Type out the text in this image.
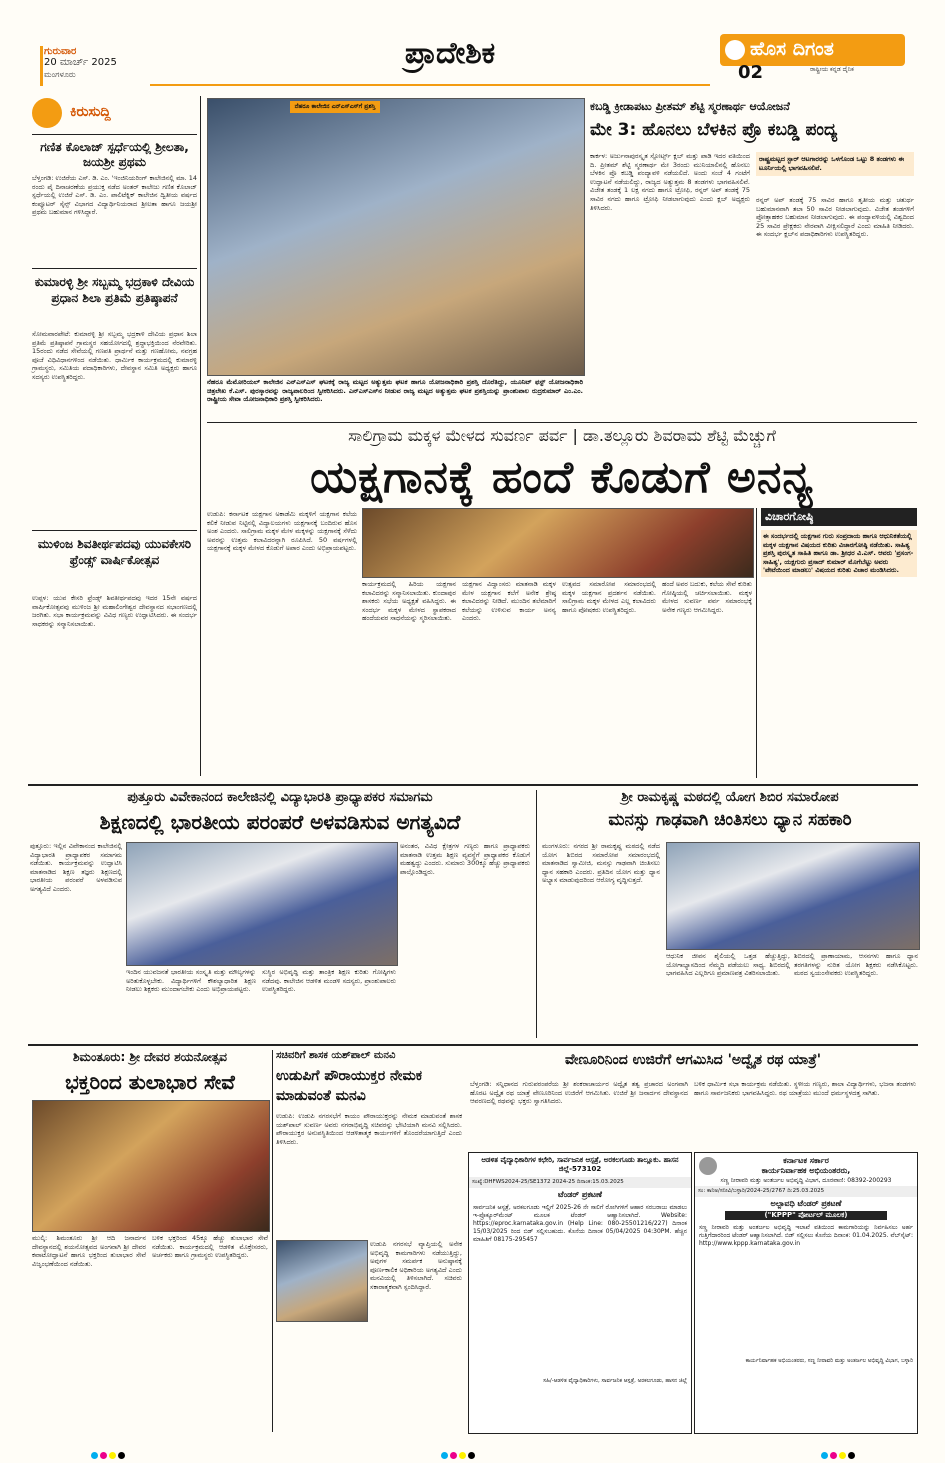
ಗುರುವಾರ
20 ಮಾರ್ಚ್ 2025
ಮಂಗಳೂರು
ಪ್ರಾದೇಶಿಕ	ಹೊಸ ದಿಗಂತ
ರಾಷ್ಟ್ರೀಯ ಕನ್ನಡ ದೈನಿಕ
02
ಕಿರುಸುದ್ದಿ
ಗಣಿತ ಕೊಲಾಜ್ ಸ್ಪರ್ಧೆಯಲ್ಲಿ ಶ್ರೀಲತಾ, ಜಯಶ್ರೀ ಪ್ರಥಮ
ಬೆಳ್ತಂಗಡಿ: ಉಜಿರೆಯ ಎಸ್. ಡಿ. ಎಂ. 'ಇಂಜಿನಿಯರಿಂಗ್ ಕಾಲೇಜಿನಲ್ಲಿ ಮಾ. 14 ರಂದು ಪೈ ದಿನಾಚರಣೆಯ ಪ್ರಯುಕ್ತ ನಡೆದ ಅಂತರ್ ಕಾಲೇಜು ಗಣಿತ ಕೊಲಾಜ್ ಸ್ಪರ್ಧೆಯಲ್ಲಿ ಉಜಿರೆ ಎಸ್. ಡಿ. ಎಂ. ಪಾಲಿಟೆಕ್ನಿಕ್ ಕಾಲೇಜಿನ ದ್ವಿತೀಯ ವರ್ಷದ ಕಂಪ್ಯೂಟರ್ ಸೈನ್ಸ್ ವಿಭಾಗದ ವಿದ್ಯಾರ್ಥಿನಿಯರಾದ ಶ್ರೀಲತಾ ಹಾಗೂ ಜಯಶ್ರೀ ಪ್ರಥಮ ಬಹುಮಾನ ಗಳಿಸಿದ್ದಾರೆ.
ಕುಮಾರಳ್ಳಿ ಶ್ರೀ ಸಬ್ಬಮ್ಮ ಭದ್ರಕಾಳಿ ದೇವಿಯ ಪ್ರಧಾನ ಶಿಲಾ ಪ್ರತಿಮೆ ಪ್ರತಿಷ್ಠಾಪನೆ
ಸೋಮವಾರಪೇಟೆ: ಕುಮಾರಳ್ಳಿ ಶ್ರೀ ಸಬ್ಬಮ್ಮ ಭದ್ರಕಾಳಿ ದೇವಿಯ ಪ್ರಧಾನ ಶಿಲಾ ಪ್ರತಿಮೆ ಪ್ರತಿಷ್ಠಾಪನೆ ಗ್ರಾಮಸ್ಥರ ಸಹಯೋಗದಲ್ಲಿ ಶ್ರದ್ಧಾಭಕ್ತಿಯಿಂದ ನೆರವೇರಿತು. 15ರಂದು ನಡೆದ ಸೇವೆಯಲ್ಲಿ ಗಣಪತಿ ಪ್ರಾರ್ಥನೆ ಮತ್ತು ಗಣಹೋಮ, ನವಗ್ರಹ ಪೂಜೆ ವಿಧಿವಿಧಾನಗಳಿಂದ ನಡೆಯಿತು. ಧಾರ್ಮಿಕ ಕಾರ್ಯಕ್ರಮದಲ್ಲಿ ಕುಮಾರಳ್ಳಿ ಗ್ರಾಮಸ್ಥರು, ಸಮಿತಿಯ ಪದಾಧಿಕಾರಿಗಳು, ದೇವಸ್ಥಾನ ಸಮಿತಿ ಅಧ್ಯಕ್ಷರು ಹಾಗೂ ಸದಸ್ಯರು ಉಪಸ್ಥಿತರಿದ್ದರು.
ಮುಳಿಂಜ ಶಿವತೀರ್ಥಪದವು ಯುವಕೇಸರಿ ಫ್ರೆಂಡ್ಸ್ ವಾರ್ಷಿಕೋತ್ಸವ
ಉಪ್ಪಳ: ಯುವ ಕೇಸರಿ ಫ್ರೆಂಡ್ಸ್ ಶಿವತೀರ್ಥಪದವು ಇದರ 15ನೇ ವರ್ಷದ ವಾರ್ಷಿಕೋತ್ಸವವು ಮುಳಿಂಜ ಶ್ರೀ ಮಹಾಲಿಂಗೇಶ್ವರ ದೇವಸ್ಥಾನದ ಸಭಾಂಗಣದಲ್ಲಿ ಜರಗಿತು. ಸಭಾ ಕಾರ್ಯಕ್ರಮವನ್ನು ವಿವಿಧ ಗಣ್ಯರು ಉದ್ಘಾಟಿಸಿದರು. ಈ ಸಂದರ್ಭ ಸಾಧಕರನ್ನು ಸನ್ಮಾನಿಸಲಾಯಿತು.
ನೆಹರೂ ಕಾಲೇಜಿನ ಎನ್‌ಎಸ್‌ಎಸ್‌ಗೆ ಪ್ರಶಸ್ತಿ
ನೆಹರೂ ಮೆಮೋರಿಯಲ್ ಕಾಲೇಜಿನ ಎನ್‌ಎಸ್‌ಎಸ್ ಘಟಕಕ್ಕೆ ರಾಜ್ಯ ಮಟ್ಟದ ಅತ್ಯುತ್ತಮ ಘಟಕ ಹಾಗೂ ಯೋಜನಾಧಿಕಾರಿ ಪ್ರಶಸ್ತಿ ದೊರೆತಿದ್ದು, ಯೂನಿಟ್ ಫಸ್ಟ್ ಯೋಜನಾಧಿಕಾರಿ ಚಿತ್ರಲೇಖ ಕೆ.ಎಸ್. ಪುರಸ್ಕಾರವನ್ನು ರಾಜ್ಯಪಾಲರಿಂದ ಸ್ವೀಕರಿಸಿದರು. ಎನ್‌ಎಸ್‌ಎಸ್‌ನ ನೀಡುವ ರಾಜ್ಯ ಮಟ್ಟದ ಅತ್ಯುತ್ತಮ ಘಟಕ ಪ್ರಶಸ್ತಿಯನ್ನು ಪ್ರಾಂಶುಪಾಲ ರುದ್ರಕುಮಾರ್ ಎಂ.ಎಂ. ರಾಷ್ಟ್ರೀಯ ಸೇವಾ ಯೋಜನಾಧಿಕಾರಿ ಪ್ರಶಸ್ತಿ ಸ್ವೀಕರಿಸಿದರು.
ಕಬಡ್ಡಿ ಕ್ರೀಡಾಪಟು ಪ್ರೀತಮ್ ಶೆಟ್ಟಿ ಸ್ಮರಣಾರ್ಥ ಆಯೋಜನೆ
ಮೇ 3: ಹೊನಲು ಬೆಳಕಿನ ಪ್ರೊ ಕಬಡ್ಡಿ ಪಂದ್ಯ
ಕಾರ್ಕಳ: ಅರ್ಜುನಾಪುರಸ್ಕೃತ ಸ್ಪೋರ್ಟ್ಸ್ ಕ್ಲಬ್ ಮತ್ತು ಪಾಡಿ ಇದರ ವತಿಯಿಂದ ದಿ. ಪ್ರೀತಮ್ ಶೆಟ್ಟಿ ಸ್ಮರಣಾರ್ಥ ಮೇ 3ರಂದು ಮುನಿಯಾಲಿನಲ್ಲಿ ಹೊನಲು ಬೆಳಕಿನ ಪ್ರೊ ಕಬಡ್ಡಿ ಪಂದ್ಯಾವಳಿ ನಡೆಯಲಿದೆ. ಅಂದು ಸಂಜೆ 4 ಗಂಟೆಗೆ ಉದ್ಘಾಟನೆ ನಡೆಯಲಿದ್ದು, ರಾಜ್ಯದ ಅತ್ಯುತ್ತಮ 8 ತಂಡಗಳು ಭಾಗವಹಿಸಲಿವೆ. ವಿಜೇತ ತಂಡಕ್ಕೆ 1 ಲಕ್ಷ ನಗದು ಹಾಗೂ ಟ್ರೋಫಿ, ರನ್ನರ್ ಅಪ್ ತಂಡಕ್ಕೆ 75 ಸಾವಿರ ನಗದು ಹಾಗೂ ಟ್ರೋಫಿ ನೀಡಲಾಗುವುದು ಎಂದು ಕ್ಲಬ್ ಅಧ್ಯಕ್ಷರು ತಿಳಿಸಿದರು.
ರಾಷ್ಟ್ರಮಟ್ಟದ ಸ್ಟಾರ್ ಆಟಗಾರರನ್ನು ಒಳಗೊಂಡ ಒಟ್ಟು 8 ತಂಡಗಳು ಈ ಟೂರ್ನಿಯಲ್ಲಿ ಭಾಗವಹಿಸಲಿವೆ.
ರನ್ನರ್ ಅಪ್ ತಂಡಕ್ಕೆ 75 ಸಾವಿರ ಹಾಗೂ ತೃತೀಯ ಮತ್ತು ಚತುರ್ಥ ಬಹುಮಾನವಾಗಿ ತಲಾ 50 ಸಾವಿರ ನೀಡಲಾಗುವುದು. ವಿಜೇತ ತಂಡಗಳಿಗೆ ಪ್ರೋತ್ಸಾಹಕರ ಬಹುಮಾನ ನೀಡಲಾಗುವುದು. ಈ ಪಂದ್ಯಾವಳಿಯಲ್ಲಿ ವಿಶ್ವದಿಂದ 25 ಸಾವಿರ ಪ್ರೇಕ್ಷಕರು ನೇರವಾಗಿ ವೀಕ್ಷಿಸಲಿದ್ದಾರೆ ಎಂದು ಮಾಹಿತಿ ನೀಡಿದರು. ಈ ಸಂದರ್ಭ ಕ್ಲಬ್‌ನ ಪದಾಧಿಕಾರಿಗಳು ಉಪಸ್ಥಿತರಿದ್ದರು.
ಸಾಲಿಗ್ರಾಮ ಮಕ್ಕಳ ಮೇಳದ ಸುವರ್ಣ ಪರ್ವ | ಡಾ.ತಲ್ಲೂರು ಶಿವರಾಮ ಶೆಟ್ಟಿ ಮೆಚ್ಚುಗೆ
ಯಕ್ಷಗಾನಕ್ಕೆ ಹಂದೆ ಕೊಡುಗೆ ಅನನ್ಯ
ಉಡುಪಿ: ಕರ್ನಾಟಕ ಯಕ್ಷಗಾನ ಅಕಾಡೆಮಿ ಮಕ್ಕಳಿಗೆ ಯಕ್ಷಗಾನ ಕಲೆಯ ಕಲಿಕೆ ನೀಡುವ ನಿಟ್ಟಿನಲ್ಲಿ ವಿದ್ಯಾಲಯಗಳು ಯಕ್ಷಗಾನಕ್ಕೆ ಬಂದಿರುವ ಹೊಸ ಅಂಶ ಎಂದರು. ಸಾಲಿಗ್ರಾಮ ಮಕ್ಕಳ ಮೇಳ ಮಕ್ಕಳನ್ನು ಯಕ್ಷಗಾನಕ್ಕೆ ಸೆಳೆದು ಅವರನ್ನು ಉತ್ತಮ ಕಲಾವಿದರನ್ನಾಗಿ ರೂಪಿಸಿದೆ. 50 ವರ್ಷಗಳಲ್ಲಿ ಯಕ್ಷಗಾನಕ್ಕೆ ಮಕ್ಕಳ ಮೇಳದ ಕೊಡುಗೆ ಅಪಾರ ಎಂದು ಅಭಿಪ್ರಾಯಪಟ್ಟರು.
ಕಾರ್ಯಕ್ರಮದಲ್ಲಿ ಹಿರಿಯ ಯಕ್ಷಗಾನ ಕಲಾವಿದರನ್ನು ಸನ್ಮಾನಿಸಲಾಯಿತು. ಕುಂದಾಪುರ ಶಾಸಕರು ಸಭೆಯ ಅಧ್ಯಕ್ಷತೆ ವಹಿಸಿದ್ದರು. ಈ ಸಂದರ್ಭ ಮಕ್ಕಳ ಮೇಳದ ಸ್ಥಾಪಕರಾದ ಹಂದೆಯವರ ಸಾಧನೆಯನ್ನು ಸ್ಮರಿಸಲಾಯಿತು.
ಯಕ್ಷಗಾನ ವಿದ್ವಾಂಸರು ಮಾತನಾಡಿ ಮಕ್ಕಳ ಮೇಳ ಯಕ್ಷಗಾನ ಕಲೆಗೆ ಅನೇಕ ಶ್ರೇಷ್ಠ ಕಲಾವಿದರನ್ನು ನೀಡಿದೆ. ಮುಂದಿನ ತಲೆಮಾರಿಗೆ ಕಲೆಯನ್ನು ಉಳಿಸುವ ಕಾರ್ಯ ಅನನ್ಯ ಎಂದರು.
ಉತ್ಸವದ ಸಮಾರೋಪ ಸಮಾರಂಭದಲ್ಲಿ ಮಕ್ಕಳ ಯಕ್ಷಗಾನ ಪ್ರದರ್ಶನ ನಡೆಯಿತು. ಸಾಲಿಗ್ರಾಮ ಮಕ್ಕಳ ಮೇಳದ ಎಲ್ಲ ಕಲಾವಿದರು ಹಾಗೂ ಪೋಷಕರು ಉಪಸ್ಥಿತರಿದ್ದರು.
ಹಂದೆ ಅವರ ಬದುಕು, ಕಲೆಯ ಸೇವೆ ಕುರಿತು ಗೋಷ್ಠಿಯಲ್ಲಿ ಚರ್ಚಿಸಲಾಯಿತು. ಮಕ್ಕಳ ಮೇಳದ ಸುವರ್ಣ ಪರ್ವ ಸಮಾರಂಭಕ್ಕೆ ಅನೇಕ ಗಣ್ಯರು ಆಗಮಿಸಿದ್ದರು.
ವಿಚಾರಗೋಷ್ಠಿ
ಈ ಸಂದರ್ಭದಲ್ಲಿ ಯಕ್ಷಗಾನ ಗುರು ಸಂಪ್ರದಾಯ ಹಾಗೂ ಆಧುನಿಕತೆಯಲ್ಲಿ ಮಕ್ಕಳ ಯಕ್ಷಗಾನ ವಿಷಯದ ಕುರಿತು ವಿಚಾರಗೋಷ್ಠಿ ನಡೆಯಿತು. ಸಾಹಿತ್ಯ ಪ್ರಶಸ್ತಿ ಪುರಸ್ಕೃತ ಸಾಹಿತಿ ಹಾಗೂ ಡಾ. ಶ್ರೀಧರ ವಿ.ಎಸ್. ಆವರು 'ಪ್ರಸಂಗ-ಸಾಹಿತ್ಯ', ಯಕ್ಷಗುರು ಪ್ರಸಾದ್ ಕುಮಾರ್ ಮೊಗೆಬೆಟ್ಟು ಅವರು 'ಪೇಟೆಯಿಂದ ಮಾಡಲು' ವಿಷಯದ ಕುರಿತು ವಿಚಾರ ಮಂಡಿಸಿದರು.
ಪುತ್ತೂರು ವಿವೇಕಾನಂದ ಕಾಲೇಜಿನಲ್ಲಿ ವಿದ್ಯಾಭಾರತಿ ಪ್ರಾಧ್ಯಾಪಕರ ಸಮಾಗಮ
ಶಿಕ್ಷಣದಲ್ಲಿ ಭಾರತೀಯ ಪರಂಪರೆ ಅಳವಡಿಸುವ ಅಗತ್ಯವಿದೆ
ಪುತ್ತೂರು: ಇಲ್ಲಿನ ವಿವೇಕಾನಂದ ಕಾಲೇಜಿನಲ್ಲಿ ವಿದ್ಯಾಭಾರತಿ ಪ್ರಾಧ್ಯಾಪಕರ ಸಮಾಗಮ ನಡೆಯಿತು. ಕಾರ್ಯಕ್ರಮವನ್ನು ಉದ್ಘಾಟಿಸಿ ಮಾತನಾಡಿದ ಶಿಕ್ಷಣ ತಜ್ಞರು ಶಿಕ್ಷಣದಲ್ಲಿ ಭಾರತೀಯ ಪರಂಪರೆ ಅಳವಡಿಸುವ ಅಗತ್ಯವಿದೆ ಎಂದರು.
ಅನಂತರ, ವಿವಿಧ ಕ್ಷೇತ್ರಗಳ ಗಣ್ಯರು ಹಾಗೂ ಪ್ರಾಧ್ಯಾಪಕರು ಮಾತನಾಡಿ ಉತ್ತಮ ಶಿಕ್ಷಣ ವ್ಯವಸ್ಥೆಗೆ ಪ್ರಾಧ್ಯಾಪಕರ ಕೊಡುಗೆ ಮಹತ್ವದ್ದು ಎಂದರು. ಸುಮಾರು 300ಕ್ಕೂ ಹೆಚ್ಚು ಪ್ರಾಧ್ಯಾಪಕರು ಪಾಲ್ಗೊಂಡಿದ್ದರು.
ಇಂದಿನ ಯುವಜನತೆ ಭಾರತೀಯ ಸಂಸ್ಕೃತಿ ಮತ್ತು ಮೌಲ್ಯಗಳನ್ನು ಅರಿತುಕೊಳ್ಳಬೇಕು. ವಿದ್ಯಾರ್ಥಿಗಳಿಗೆ ಕೌಶಲ್ಯಾಧಾರಿತ ಶಿಕ್ಷಣ ನೀಡಲು ಶಿಕ್ಷಕರು ಮುಂದಾಗಬೇಕು ಎಂದು ಅಭಿಪ್ರಾಯಪಟ್ಟರು.
ಸುಸ್ಥಿರ ಅಭಿವೃದ್ಧಿ ಮತ್ತು ತಾಂತ್ರಿಕ ಶಿಕ್ಷಣ ಕುರಿತು ಗೋಷ್ಠಿಗಳು ನಡೆದವು. ಕಾಲೇಜಿನ ಆಡಳಿತ ಮಂಡಳಿ ಸದಸ್ಯರು, ಪ್ರಾಂಶುಪಾಲರು ಉಪಸ್ಥಿತರಿದ್ದರು.
ಶ್ರೀ ರಾಮಕೃಷ್ಣ ಮಠದಲ್ಲಿ ಯೋಗ ಶಿಬಿರ ಸಮಾರೋಪ
ಮನಸ್ಸು ಗಾಢವಾಗಿ ಚಿಂತಿಸಲು ಧ್ಯಾನ ಸಹಕಾರಿ
ಮಂಗಳೂರು: ನಗರದ ಶ್ರೀ ರಾಮಕೃಷ್ಣ ಮಠದಲ್ಲಿ ನಡೆದ ಯೋಗ ಶಿಬಿರದ ಸಮಾರೋಪ ಸಮಾರಂಭದಲ್ಲಿ ಮಾತನಾಡಿದ ಸ್ವಾಮೀಜಿ, ಮನಸ್ಸು ಗಾಢವಾಗಿ ಚಿಂತಿಸಲು ಧ್ಯಾನ ಸಹಕಾರಿ ಎಂದರು. ಪ್ರತಿದಿನ ಯೋಗ ಮತ್ತು ಧ್ಯಾನ ಅಭ್ಯಾಸ ಮಾಡುವುದರಿಂದ ಆರೋಗ್ಯ ವೃದ್ಧಿಸುತ್ತದೆ.
ಆಧುನಿಕ ಜೀವನ ಶೈಲಿಯಲ್ಲಿ ಒತ್ತಡ ಹೆಚ್ಚುತ್ತಿದ್ದು, ಯೋಗಾಭ್ಯಾಸದಿಂದ ನೆಮ್ಮದಿ ಪಡೆಯಲು ಸಾಧ್ಯ. ಶಿಬಿರದಲ್ಲಿ ಭಾಗವಹಿಸಿದ ಎಲ್ಲರಿಗೂ ಪ್ರಮಾಣಪತ್ರ ವಿತರಿಸಲಾಯಿತು.
ಶಿಬಿರದಲ್ಲಿ ಪ್ರಾಣಾಯಾಮ, ಆಸನಗಳು ಹಾಗೂ ಧ್ಯಾನ ತರಗತಿಗಳನ್ನು ನುರಿತ ಯೋಗ ಶಿಕ್ಷಕರು ನಡೆಸಿಕೊಟ್ಟರು. ಮಠದ ಸ್ವಯಂಸೇವಕರು ಉಪಸ್ಥಿತರಿದ್ದರು.
ಶಿಮಂತೂರು: ಶ್ರೀ ದೇವರ ಶಯನೋತ್ಸವ
ಭಕ್ತರಿಂದ ತುಲಾಭಾರ ಸೇವೆ
ಮುಲ್ಕಿ: ಶಿಮಂತೂರು ಶ್ರೀ ಆದಿ ಜನಾರ್ದನ ದೇವಸ್ಥಾನದಲ್ಲಿ ಶಯನೋತ್ಸವದ ಅಂಗವಾಗಿ ಶ್ರೀ ದೇವರ ಕವಾಟೋದ್ಘಾಟನೆ ಹಾಗೂ ಭಕ್ತರಿಂದ ತುಲಾಭಾರ ಸೇವೆ ವಿಜೃಂಭಣೆಯಿಂದ ನಡೆಯಿತು.
ಬಳಿಕ ಭಕ್ತರಿಂದ 45ಕ್ಕೂ ಹೆಚ್ಚು ತುಲಾಭಾರ ಸೇವೆ ನಡೆಯಿತು. ಕಾರ್ಯಕ್ರಮದಲ್ಲಿ ಆಡಳಿತ ಮೊಕ್ತೇಸರರು, ಅರ್ಚಕರು ಹಾಗೂ ಗ್ರಾಮಸ್ಥರು ಉಪಸ್ಥಿತರಿದ್ದರು.
ಸಚಿವರಿಗೆ ಶಾಸಕ ಯಶ್‌ಪಾಲ್ ಮನವಿ
ಉಡುಪಿಗೆ ಪೌರಾಯುಕ್ತರ ನೇಮಕ ಮಾಡುವಂತೆ ಮನವಿ
ಉಡುಪಿ: ಉಡುಪಿ ನಗರಸಭೆಗೆ ಕಾಯಂ ಪೌರಾಯುಕ್ತರನ್ನು ನೇಮಕ ಮಾಡುವಂತೆ ಶಾಸಕ ಯಶ್‌ಪಾಲ್ ಸುವರ್ಣ ಅವರು ನಗರಾಭಿವೃದ್ಧಿ ಸಚಿವರನ್ನು ಭೇಟಿಯಾಗಿ ಮನವಿ ಸಲ್ಲಿಸಿದರು. ಪೌರಾಯುಕ್ತರ ಅನುಪಸ್ಥಿತಿಯಿಂದ ಆಡಳಿತಾತ್ಮಕ ಕಾರ್ಯಗಳಿಗೆ ತೊಂದರೆಯಾಗುತ್ತಿದೆ ಎಂದು ತಿಳಿಸಿದರು.
ಉಡುಪಿ ನಗರಸಭೆ ವ್ಯಾಪ್ತಿಯಲ್ಲಿ ಅನೇಕ ಅಭಿವೃದ್ಧಿ ಕಾಮಗಾರಿಗಳು ನಡೆಯುತ್ತಿದ್ದು, ಅವುಗಳ ಸಮರ್ಪಕ ಅನುಷ್ಠಾನಕ್ಕೆ ಪೂರ್ಣಕಾಲಿಕ ಅಧಿಕಾರಿಯ ಅಗತ್ಯವಿದೆ ಎಂದು ಮನವಿಯಲ್ಲಿ ತಿಳಿಸಲಾಗಿದೆ. ಸಚಿವರು ಸಕಾರಾತ್ಮಕವಾಗಿ ಸ್ಪಂದಿಸಿದ್ದಾರೆ.
ವೇಣೂರಿನಿಂದ ಉಜಿರೆಗೆ ಆಗಮಿಸಿದ 'ಅದ್ವೈತ ರಥ ಯಾತ್ರೆ'
ಬೆಳ್ತಂಗಡಿ: ಸನ್ನಿಧಾನದ ಗುರುಪರಂಪರೆಯ ಶ್ರೀ ಶಂಕರಾಚಾರ್ಯರ ಅದ್ವೈತ ತತ್ವ ಪ್ರಚಾರದ ಅಂಗವಾಗಿ ಹೊರಟ ಅದ್ವೈತ ರಥ ಯಾತ್ರೆ ವೇಣೂರಿನಿಂದ ಉಜಿರೆಗೆ ಆಗಮಿಸಿತು. ಉಜಿರೆ ಶ್ರೀ ಜನಾರ್ದನ ದೇವಸ್ಥಾನದ ಆವರಣದಲ್ಲಿ ರಥವನ್ನು ಭಕ್ತರು ಸ್ವಾಗತಿಸಿದರು.
ಬಳಿಕ ಧಾರ್ಮಿಕ ಸಭಾ ಕಾರ್ಯಕ್ರಮ ನಡೆಯಿತು. ಸ್ಥಳೀಯ ಗಣ್ಯರು, ಶಾಲಾ ವಿದ್ಯಾರ್ಥಿಗಳು, ಭಜನಾ ತಂಡಗಳು ಹಾಗೂ ಸಾರ್ವಜನಿಕರು ಭಾಗವಹಿಸಿದ್ದರು. ರಥ ಯಾತ್ರೆಯು ಮುಂದೆ ಧರ್ಮಸ್ಥಳದತ್ತ ಸಾಗಿತು.
ಆಡಳಿತ ವೈದ್ಯಾಧಿಕಾರಿಗಳ ಕಛೇರಿ, ಸಾರ್ವಜನಿಕ ಆಸ್ಪತ್ರೆ, ಅರಕಲಗೂಡು ತಾಲ್ಲೂಕು. ಹಾಸನ ಜಿಲ್ಲೆ-573102
ಸಂಖ್ಯೆ:DHFWS2024-25/SE1372 2024-25 ದಿನಾಂಕ:15.03.2025
ಟೆಂಡರ್ ಪ್ರಕಟಣೆ
ಸಾರ್ವಜನಿಕ ಆಸ್ಪತ್ರೆ, ಅರಕಲಗೂಡು ಇಲ್ಲಿಗೆ 2025-26 ನೇ ಸಾಲಿಗೆ ರೋಗಿಗಳಿಗೆ ಆಹಾರ ಸರಬರಾಜು ಮಾಡಲು ಇ-ಪ್ರೊಕ್ಯೂರ್‌ಮೆಂಟ್ ಮೂಲಕ ಟೆಂಡರ್ ಆಹ್ವಾನಿಸಲಾಗಿದೆ. Website: https://eproc.karnataka.gov.in (Help Line: 080-25501216/227) ದಿನಾಂಕ 15/03/2025 ರಿಂದ ಬಿಡ್ ಸಲ್ಲಿಸಬಹುದು. ಕೊನೆಯ ದಿನಾಂಕ 05/04/2025 04:30PM. ಹೆಚ್ಚಿನ ಮಾಹಿತಿಗೆ 08175-295457
ಸಹಿ/-ಆಡಳಿತ ವೈದ್ಯಾಧಿಕಾರಿಗಳು, ಸಾರ್ವಜನಿಕ ಆಸ್ಪತ್ರೆ, ಅರಕಲಗೂಡು, ಹಾಸನ ಜಿಲ್ಲೆ
ಕರ್ನಾಟಕ ಸರ್ಕಾರ
ಕಾರ್ಯನಿರ್ವಾಹಕ ಅಭಿಯಂತರರು,
ಸಣ್ಣ ನೀರಾವರಿ ಮತ್ತು ಅಂತರ್ಜಲ ಅಭಿವೃದ್ಧಿ ವಿಭಾಗ, ದೂರವಾಣಿ: 08392-200293
ಸಂ: ಕಾನಿಅ/ಸನೀವಿ/ಬಳ್ಳಾರಿ/2024-25/2767 ದಿ:25.03.2025
ಅಲ್ಪಾವಧಿ ಟೆಂಡರ್ ಪ್ರಕಟಣೆ
("KPPP" ಪೋರ್ಟಲ್ ಮೂಲಕ)
ಸಣ್ಣ ನೀರಾವರಿ ಮತ್ತು ಅಂತರ್ಜಲ ಅಭಿವೃದ್ಧಿ ಇಲಾಖೆ ವತಿಯಿಂದ ಕಾಮಗಾರಿಯನ್ನು ನಿರ್ವಹಿಸಲು ಅರ್ಹ ಗುತ್ತಿಗೆದಾರರಿಂದ ಟೆಂಡರ್ ಆಹ್ವಾನಿಸಲಾಗಿದೆ. ಬಿಡ್ ಸಲ್ಲಿಸಲು ಕೊನೆಯ ದಿನಾಂಕ: 01.04.2025. ವೆಬ್‌ಸೈಟ್: http://www.kppp.karnataka.gov.in
ಕಾರ್ಯನಿರ್ವಾಹಕ ಅಭಿಯಂತರರು, ಸಣ್ಣ ನೀರಾವರಿ ಮತ್ತು ಅಂತರ್ಜಲ ಅಭಿವೃದ್ಧಿ ವಿಭಾಗ, ಬಳ್ಳಾರಿ
